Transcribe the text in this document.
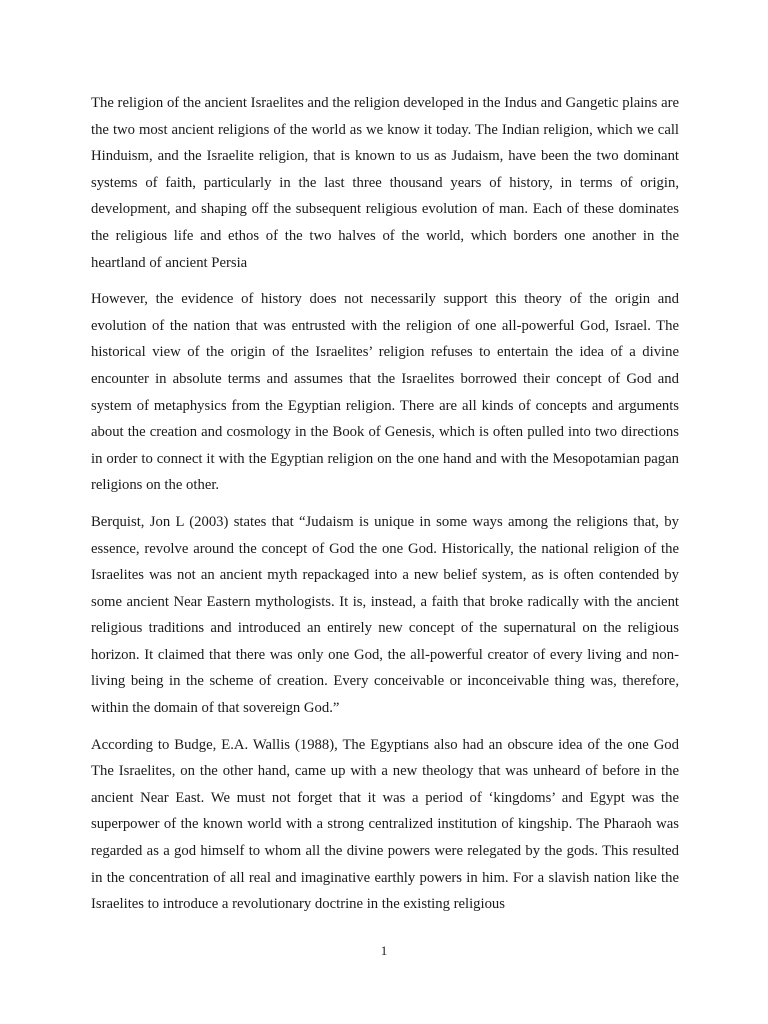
The religion of the ancient Israelites and the religion developed in the Indus and Gangetic plains are the two most ancient religions of the world as we know it today. The Indian religion, which we call Hinduism, and the Israelite religion, that is known to us as Judaism, have been the two dominant systems of faith, particularly in the last three thousand years of history, in terms of origin, development, and shaping off the subsequent religious evolution of man. Each of these dominates the religious life and ethos of the two halves of the world, which borders one another in the heartland of ancient Persia

However, the evidence of history does not necessarily support this theory of the origin and evolution of the nation that was entrusted with the religion of one all-powerful God, Israel. The historical view of the origin of the Israelites’ religion refuses to entertain the idea of a divine encounter in absolute terms and assumes that the Israelites borrowed their concept of God and system of metaphysics from the Egyptian religion. There are all kinds of concepts and arguments about the creation and cosmology in the Book of Genesis, which is often pulled into two directions in order to connect it with the Egyptian religion on the one hand and with the Mesopotamian pagan religions on the other.

Berquist, Jon L (2003) states that “Judaism is unique in some ways among the religions that, by essence, revolve around the concept of God the one God. Historically, the national religion of the Israelites was not an ancient myth repackaged into a new belief system, as is often contended by some ancient Near Eastern mythologists. It is, instead, a faith that broke radically with the ancient religious traditions and introduced an entirely new concept of the supernatural on the religious horizon. It claimed that there was only one God, the all-powerful creator of every living and non-living being in the scheme of creation. Every conceivable or inconceivable thing was, therefore, within the domain of that sovereign God.”

According to Budge, E.A. Wallis (1988), The Egyptians also had an obscure idea of the one God The Israelites, on the other hand, came up with a new theology that was unheard of before in the ancient Near East. We must not forget that it was a period of ‘kingdoms’ and Egypt was the superpower of the known world with a strong centralized institution of kingship. The Pharaoh was regarded as a god himself to whom all the divine powers were relegated by the gods. This resulted in the concentration of all real and imaginative earthly powers in him. For a slavish nation like the Israelites to introduce a revolutionary doctrine in the existing religious

1
